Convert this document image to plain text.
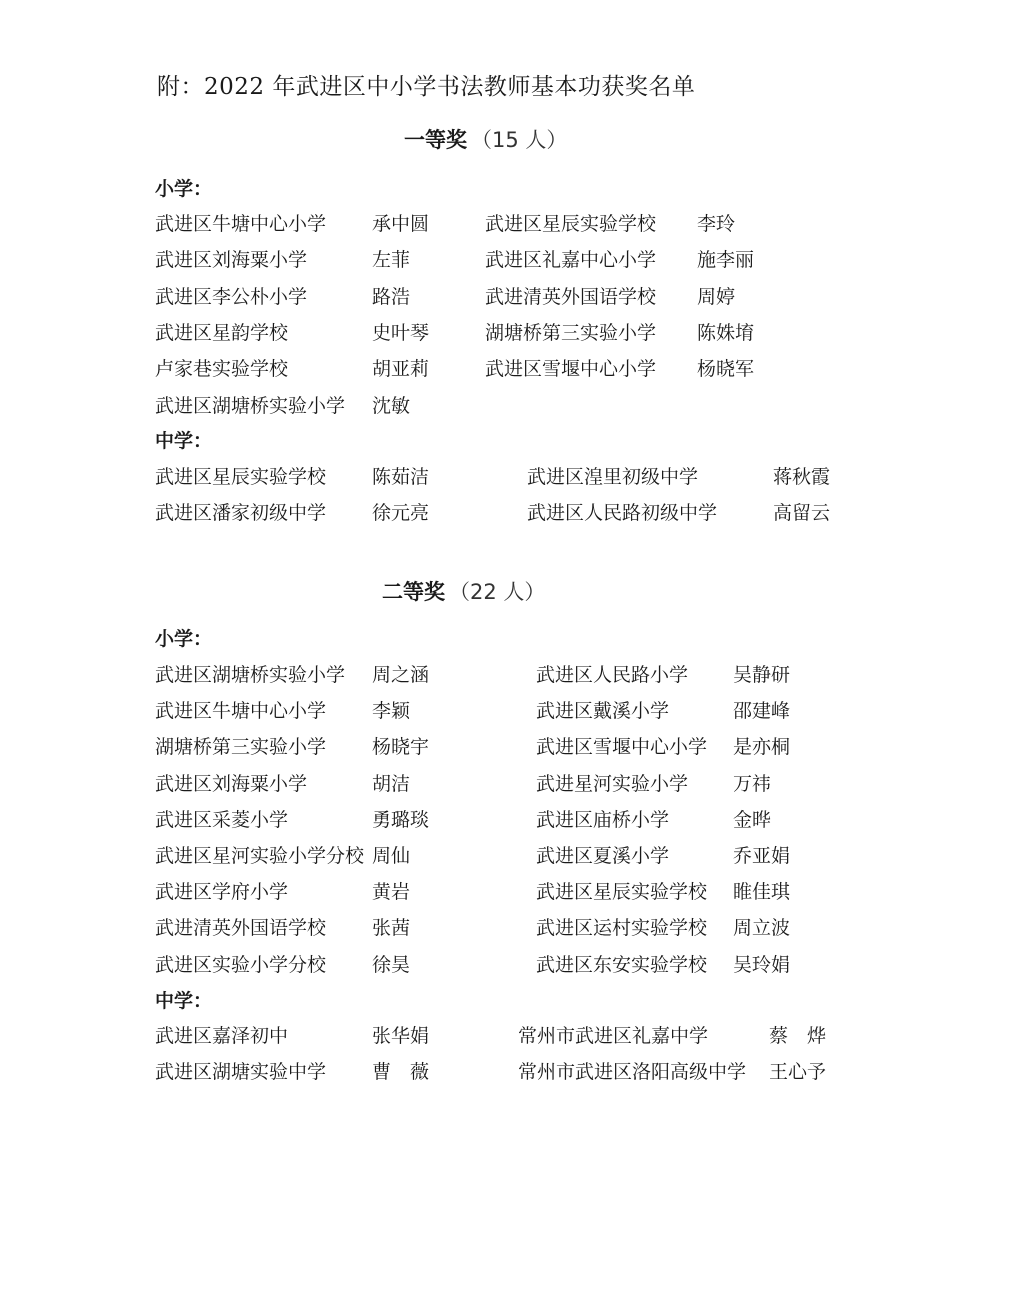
附：2022 年武进区中小学书法教师基本功获奖名单
一等奖 （15 人）
小学：
武进区牛塘中心小学 承中圆	武进区星辰实验学校 李玲
武进区刘海粟小学	左菲	武进区礼嘉中心小学 施李丽
武进区李公朴小学	路浩	武进清英外国语学校 周婷
武进区星韵学校	史叶琴	湖塘桥第三实验小学 陈姝堉
卢家巷实验学校	胡亚莉	武进区雪堰中心小学 杨晓军
武进区湖塘桥实验小学 沈敏
中学：
武进区星辰实验学校 陈茹洁	武进区湟里初级中学	蒋秋霞
武进区潘家初级中学 徐元亮	武进区人民路初级中学	高留云
二等奖 （22 人）
小学：
武进区湖塘桥实验小学 周之涵	武进区人民路小学 吴静研
武进区牛塘中心小学 李颖	武进区戴溪小学	邵建峰
湖塘桥第三实验小学 杨晓宇	武进区雪堰中心小学 是亦桐
武进区刘海粟小学	胡洁	武进星河实验小学 万祎
武进区采菱小学	勇璐琰	武进区庙桥小学	金晔
武进区星河实验小学分校 周仙	武进区夏溪小学	乔亚娟
武进区学府小学	黄岩	武进区星辰实验学校 睢佳琪
武进清英外国语学校 张茜	武进区运村实验学校 周立波
武进区实验小学分校 徐昊	武进区东安实验学校 吴玲娟
中学：
武进区嘉泽初中	张华娟	常州市武进区礼嘉中学	蔡　烨
武进区湖塘实验中学 曹　薇	常州市武进区洛阳高级中学 王心予
